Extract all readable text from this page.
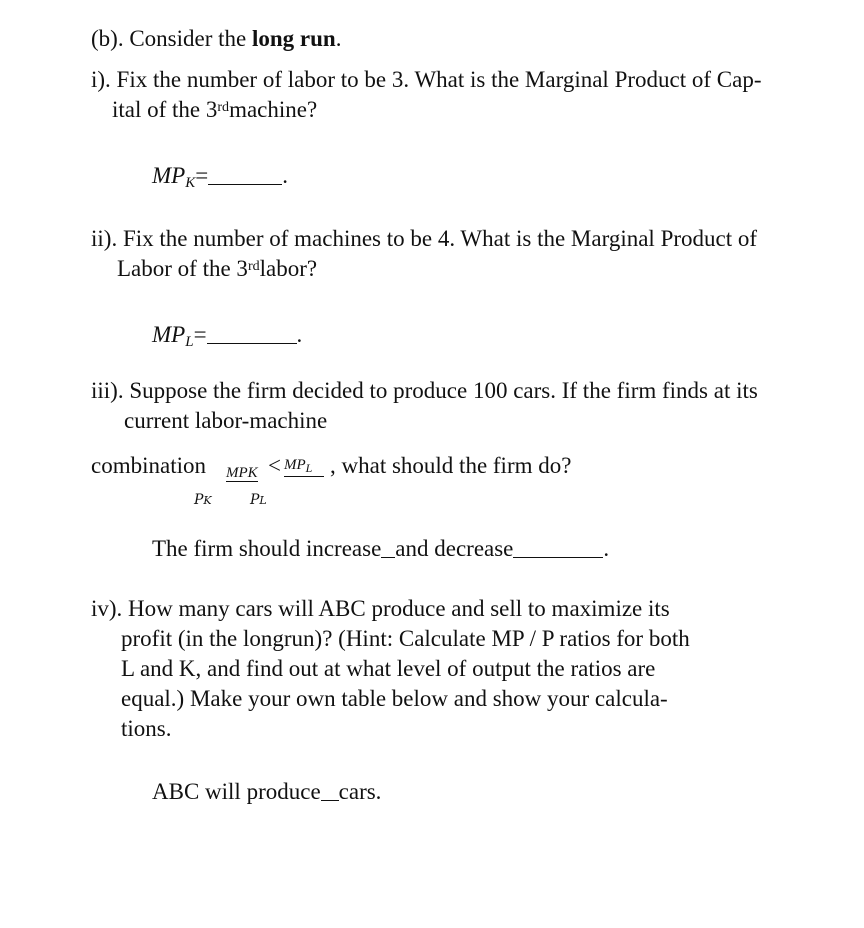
(b). Consider the long run.
i). Fix the number of labor to be 3. What is the Marginal Product of Cap-
ital of the 3rdmachine?
$MP_K=$	.
ii). Fix the number of machines to be 4. What is the Marginal Product of
Labor of the 3rdlabor?
$MP_L=$	.
iii). Suppose the firm decided to produce 100 cars. If the firm finds at its
current labor-machine
combination MPK
PK
< MPL
PL
, what should the firm do?
The firm should increase and decrease	.
iv). How many cars will ABC produce and sell to maximize its
profit (in the longrun)? (Hint: Calculate MP / P ratios for both
L and K, and find out at what level of output the ratios are
equal.) Make your own table below and show your calcula-
tions.
ABC will produce cars.
